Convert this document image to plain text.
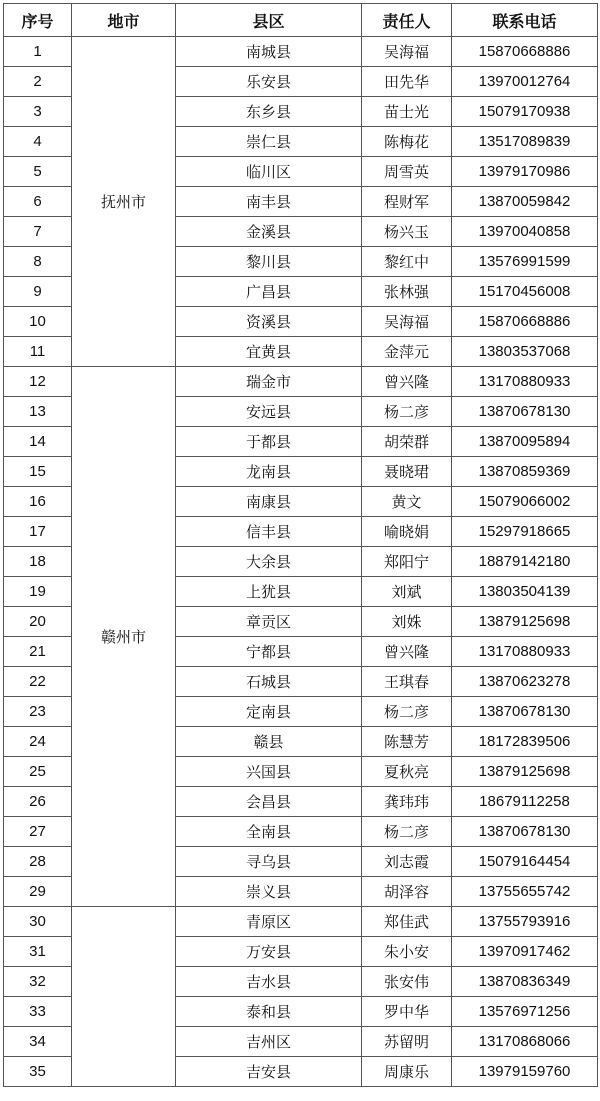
序号	地市	县区	责任人	联系电话
1	抚州市	南城县	吴海福	15870668886
2		乐安县	田先华	13970012764
3		东乡县	苗士光	15079170938
4		崇仁县	陈梅花	13517089839
5		临川区	周雪英	13979170986
6		南丰县	程财军	13870059842
7		金溪县	杨兴玉	13970040858
8		黎川县	黎红中	13576991599
9		广昌县	张林强	15170456008
10		资溪县	吴海福	15870668886
11		宜黄县	金萍元	13803537068
12	赣州市	瑞金市	曾兴隆	13170880933
13		安远县	杨二彦	13870678130
14		于都县	胡荣群	13870095894
15		龙南县	聂晓珺	13870859369
16		南康县	黄文	15079066002
17		信丰县	喻晓娟	15297918665
18		大余县	郑阳宁	18879142180
19		上犹县	刘斌	13803504139
20		章贡区	刘姝	13879125698
21		宁都县	曾兴隆	13170880933
22		石城县	王琪春	13870623278
23		定南县	杨二彦	13870678130
24		赣县	陈慧芳	18172839506
25		兴国县	夏秋亮	13879125698
26		会昌县	龚玮玮	18679112258
27		全南县	杨二彦	13870678130
28		寻乌县	刘志霞	15079164454
29		崇义县	胡泽容	13755655742
30		青原区	郑佳武	13755793916
31		万安县	朱小安	13970917462
32		吉水县	张安伟	13870836349
33		泰和县	罗中华	13576971256
34		吉州区	苏留明	13170868066
35		吉安县	周康乐	13979159760
